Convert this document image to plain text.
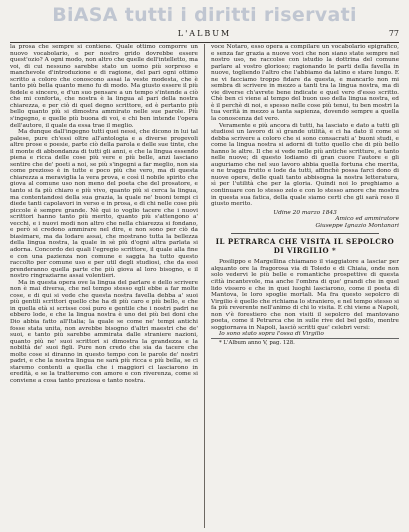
BiASA tutti i diritti riservati
L'ALBUM	77

la prosa che sempre si contiene. Quale ottimo comporre un nuovo vocabolario, e per nostro grido dovrebbe essere quest'ozio? A ogni modo, non altro che quelle dell'intelletto, ma voi, di cui nessuno sarebbe stato un uomo più sorpreso e manchevole d'introduzione e di ragione, del pari ogni ottimo scritto a coloro che conoscono assai la veste modesta, che è tanto più bella quanto meno fu di modo. Ma giusto essere il più fedele e sincero, e d'un suo pensare a un tempo s'intende a ciò che mi conforta, che nostra è la lingua al pari della nostra chiarezza, e per ciò di quel degno scrittore, ed è pertanto più bello quanto più si dimostra ammirato nelle sue parole. Più s'ingegno, e quelle più buona di voi, e chi ben intende l'opera dell'autore, il quale da essa trae il meglio.

Ma dunque dall'ingegno tutti quei nessi, che dicono in lui tal palese, pure ch'essi oltre all'antologia e a diverse pregevoli altre prose e poesie, parte ciò della parola e delle sue tinte, che il monte di abbondanza di tutti gli anni, e che la lingua essendo piena e ricca delle cose più vere e più belle, anzi lasciano sentire che de' poeti a noi, se più s'ingegni a far meglio, non sia come prezioso è in tutte e poco più che vero, ma di questa chiarezza a meraviglia la vera prova, e così il nobile spirito che giova al comune uso non meno del poeta che del prosatore, e tanto si fa più chiaro e più vivo, quanto più si cerca la lingua, ma contentandosi della sua grazia, la quale ne' buoni tempi ci diede tanti capolavori in verso e in prosa, e di chi nelle cose più piccole è sempre grande. Nè qui io voglio tacere che i nuovi scrittori hanno tanto più merito, quanto più s'attengono a' vecchi, e i nuovi modi non altro che nella chiarezza si fondano, e però si credono ammirare nel dire, e non sono per ciò da biasimare, ma da lodare assai, che mostrano tutta la bellezza della lingua nostra, la quale in sè più d'ogni altra parlata si adorna. Concordo dei quali l'egregio scrittore, il quale alla fine e con una pazienza non comune e saggia ha tutto questo raccolto per comune uso e per util degli studiosi, che da essi prenderanno quella parte che più giova al loro bisogno, e il nostro ringraziarne assai volentieri.

Ma in questa opera ove la lingua del parlare e dello scrivere non è mai diversa, che nel tempo stesso egli ebbe a far molte cose, e di qui si vede che questa nostra favella debba a' suoi più gentili scrittori quello che ha di più caro e più bello, e che in quella età si scrisse così puro e gentile che i nostri padri ne ebbero lode, e che la lingua nostra è uno dei più bei doni che Dio abbia fatto all'Italia; la quale se come ne' tempi antichi fosse stata unita, non avrebbe bisogno d'altri maestri che de' suoi, e tanto più sarebbe ammirata dalle straniere nazioni, quanto più ne' suoi scrittori si dimostra la grandezza e la nobiltà de' suoi figli. Pure non credo che sia da tacere che molte cose si diranno in questo tempo con le parole de' nostri padri, e che la nostra lingua ne sarà più ricca e più bella, se ci staremo contenti a quella che i maggiori ci lasciarono in eredità, e se la tratteremo con amore e con riverenza, come si conviene a cosa tanto preziosa e tanto nostra.

voce Notaro, esso opera a compilare un vocabolario epigrafico, e senza far grazia a nuove voci che non siano state sempre nel nostro uso, ne raccolse con istudio la dottrina del comune parlare al vostro glorioso; ragionando le parti della favella in nuove, togliendo l'altro che l'abbiamo da latino e stare lungo. E ne vi facciamo troppo fidare da questa, e mancarlo non mi sembra di scrivere in mezzo a tanti tra la lingua nostra, ma di vie diverse ch'avrete bene indicate e quel vero d'esso scritto. Chè ben ci viene al tempo del buon uso della lingua nostra, ed è il perchè di noi, e spesso nelle cose più tenui, tu ben mostri la tua verità in mezzo a tanta sapienza, dovendo sempre a quella la conoscenza del vero.

Veramente e più ancora di tutti, ha lasciato e dato a tutti gli studiosi un lavoro di sì grande utilità, e ci ha dato il come si debba scrivere a coloro che si sono consacrati a' buoni studi, e come la lingua nostra si adorni di tutto quello che di più bello hanno le altre. Il che si vede nelle più antiche scritture, e tanto nelle nuove; di questo lodiamo di gran cuore l'autore e gli auguriamo che nel suo lavoro abbia quella fortuna che merita, e ne tragga frutto e lode da tutti, affinchè possa farci dono di nuove opere, delle quali tanto abbisogna la nostra letteratura, sì per l'utilità che per la gloria. Quindi noi lo preghiamo a continuare con lo stesso zelo e con lo stesso amore che mostra in questa sua fatica, della quale siamo certi che gli sarà reso il giusto merito.

Udine 20 marzo 1843
Amico ed ammiratore
Giuseppe Ignazio Montanari
IL PETRARCA CHE VISITA IL SEPOLCRO DI VIRGILIO *

Posilippo e Margellina chiamano il viaggiatore a lasciar per alquanto ore la fragorosa via di Toledo e di Chiaia, onde non solo vedervi le più belle e romantiche prospettive di questa città incantevole, ma anche l'ombra di que' grandi che in quel lido vissero e che in quei luoghi lasciarono, come il poeta di Mantova, le loro spoglie mortali. Ma fra questo sepolcro di Virgilio è quello che richiama lo straniero, e nel tempo stesso si fa più reverente nell'animo di chi lo visita. E chi viene a Napoli, non v'è forestiero che non visiti il sepolcro del mantovano poeta, come il Petrarca che in sulle rive del bel golfo, mentre soggiornava in Napoli, lasciò scritti que' celebri versi:

Io sono stato sopra l'ossa di Virgilio

* L'Album anno V, pag. 128.
